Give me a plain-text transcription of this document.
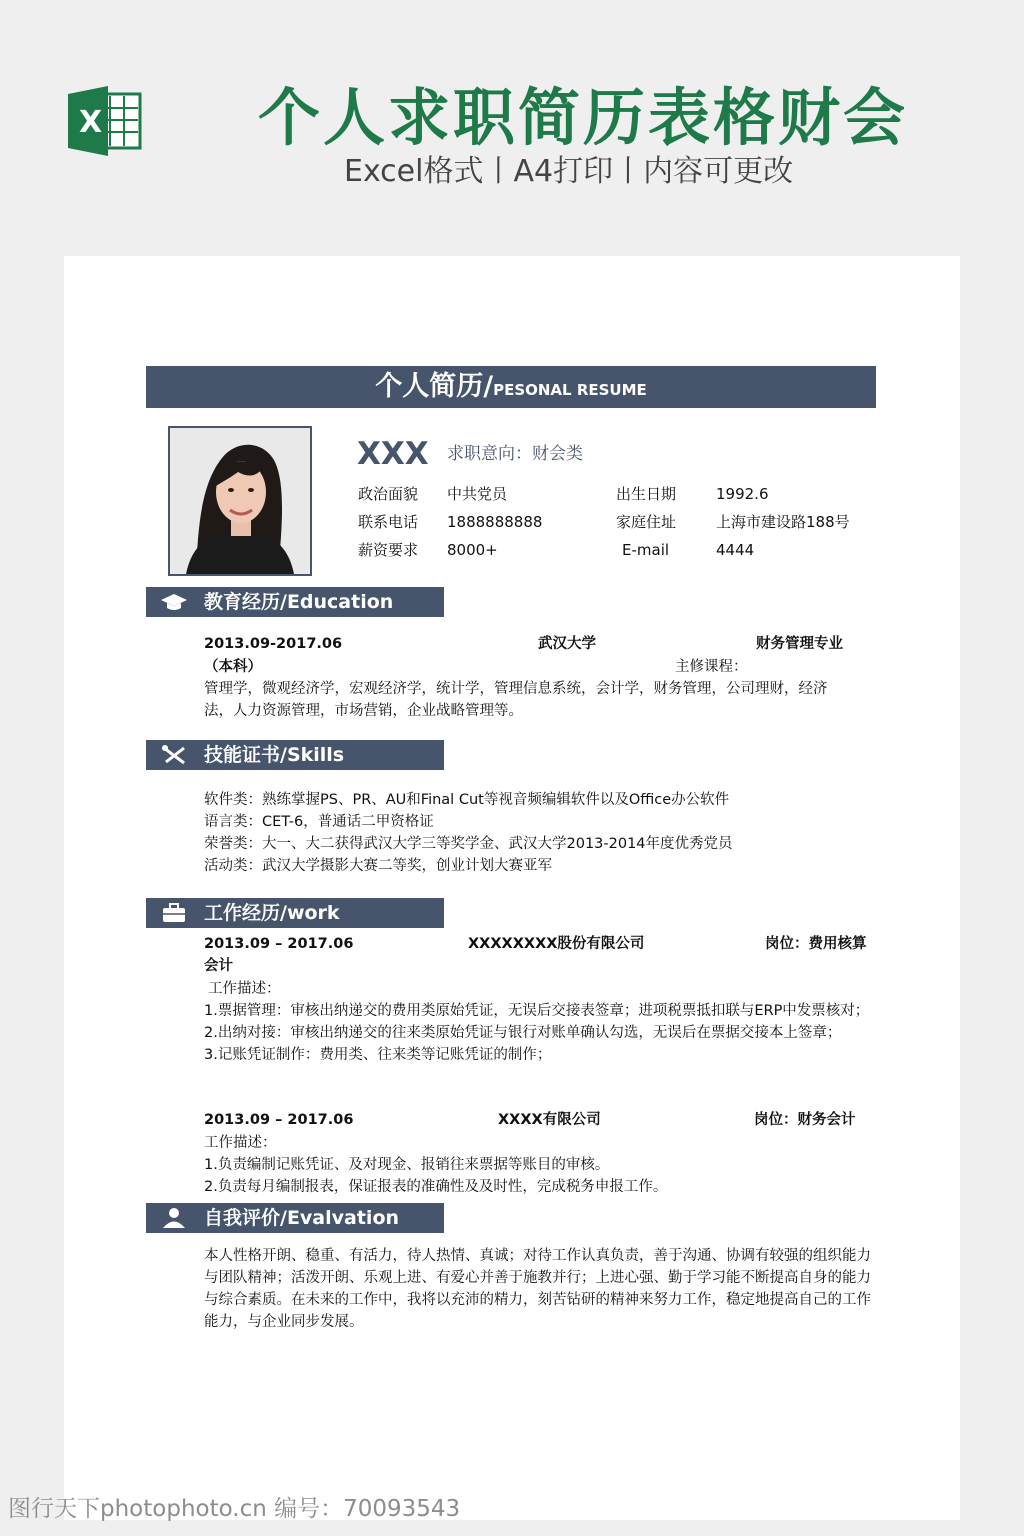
X	个人求职简历表格财会
Excel格式丨A4打印丨内容可更改
个人简历/PESONAL RESUME
XXX 求职意向：财会类
政治面貌 中共党员	出生日期	1992.6
联系电话 1888888888	家庭住址	上海市建设路188号
薪资要求 8000+	E-mail	4444
教育经历/Education
2013.09-2017.06	武汉大学	财务管理专业
（本科）	主修课程：
管理学，微观经济学，宏观经济学，统计学，管理信息系统，会计学，财务管理，公司理财，经济法，人力资源管理，市场营销，企业战略管理等。
技能证书/Skills
软件类：熟练掌握PS、PR、AU和Final Cut等视音频编辑软件以及Office办公软件
语言类：CET-6，普通话二甲资格证
荣誉类：大一、大二获得武汉大学三等奖学金、武汉大学2013-2014年度优秀党员
活动类：武汉大学摄影大赛二等奖，创业计划大赛亚军
工作经历/work
2013.09 – 2017.06	XXXXXXXX股份有限公司	岗位：费用核算
会计
工作描述：

1.票据管理：审核出纳递交的费用类原始凭证，无误后交接表签章；进项税票抵扣联与ERP中发票核对；

2.出纳对接：审核出纳递交的往来类原始凭证与银行对账单确认勾选，无误后在票据交接本上签章；

3.记账凭证制作：费用类、往来类等记账凭证的制作；

2013.09 – 2017.06	XXXX有限公司	岗位：财务会计
工作描述：
1.负责编制记账凭证、及对现金、报销往来票据等账目的审核。
2.负责每月编制报表，保证报表的准确性及及时性，完成税务申报工作。
自我评价/Evalvation
本人性格开朗、稳重、有活力，待人热情、真诚；对待工作认真负责，善于沟通、协调有较强的组织能力与团队精神；活泼开朗、乐观上进、有爱心并善于施教并行；上进心强、勤于学习能不断提高自身的能力与综合素质。在未来的工作中，我将以充沛的精力，刻苦钻研的精神来努力工作，稳定地提高自己的工作能力，与企业同步发展。
图行天下photophoto.cn 编号：70093543
